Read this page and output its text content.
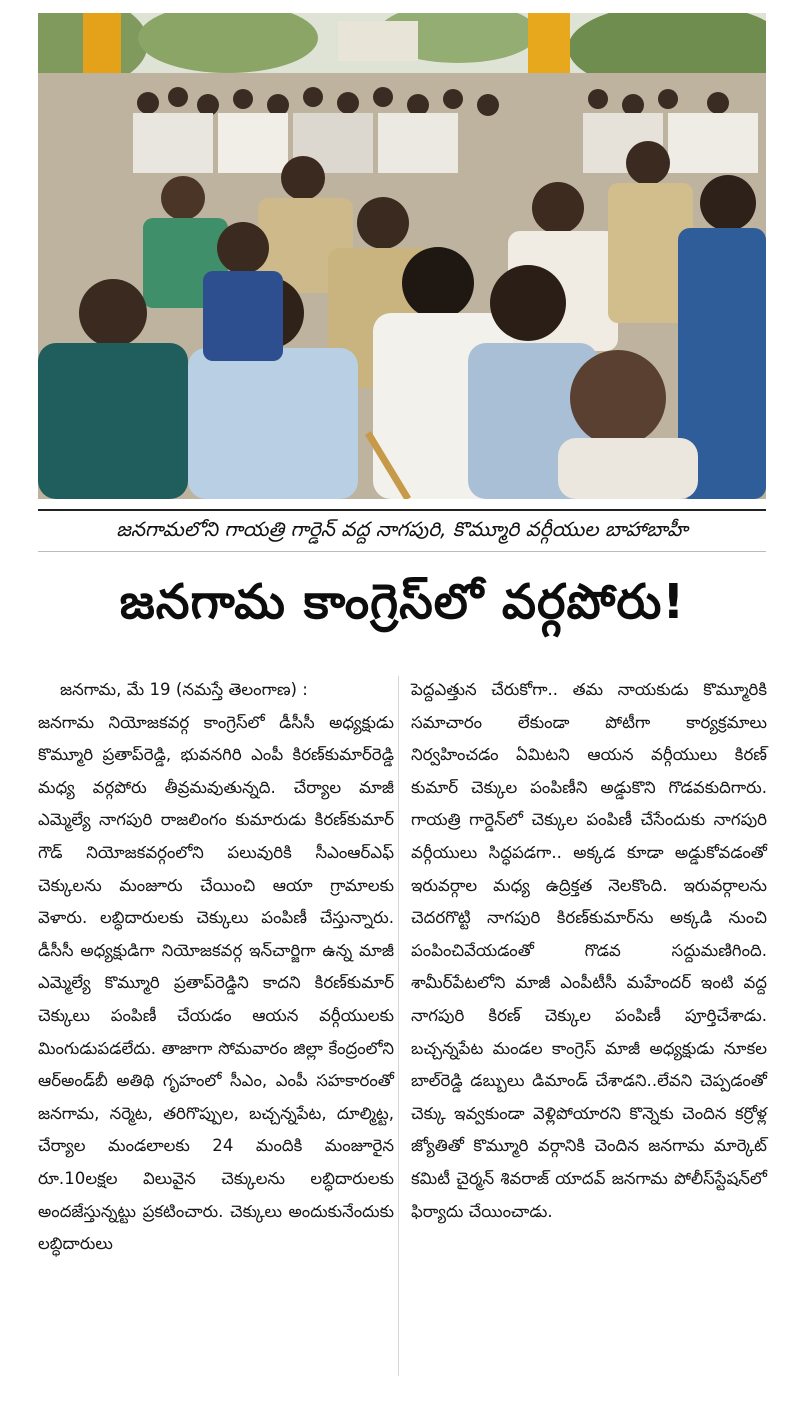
జనగామలోని గాయత్రి గార్డెన్ వద్ద నాగపురి, కొమ్మూరి వర్గీయుల బాహాబాహీ
జనగామ కాంగ్రెస్‌లో వర్గపోరు!

జనగామ, మే 19 (నమస్తే తెలంగాణ) :

జనగామ నియోజకవర్గ కాంగ్రెస్‌లో డీసీసీ అధ్యక్షుడు కొమ్మూరి ప్రతాప్‌రెడ్డి, భువనగిరి ఎంపీ కిరణ్‌కుమార్‌రెడ్డి మధ్య వర్గపోరు తీవ్రమవుతున్నది. చేర్యాల మాజీ ఎమ్మెల్యే నాగపురి రాజలింగం కుమారుడు కిరణ్‌కుమార్ గౌడ్ నియోజకవర్గంలోని పలువురికి సీఎంఆర్‌ఎఫ్ చెక్కులను మంజూరు చేయించి ఆయా గ్రామాలకు వెళారు. లబ్ధిదారులకు చెక్కులు పంపిణీ చేస్తున్నారు. డీసీసీ అధ్యక్షుడిగా నియోజకవర్గ ఇన్‌చార్జిగా ఉన్న మాజీ ఎమ్మెల్యే కొమ్మూరి ప్రతాప్‌రెడ్డిని కాదని కిరణ్‌కుమార్ చెక్కులు పంపిణీ చేయడం ఆయన వర్గీయులకు మింగుడుపడలేదు. తాజాగా సోమవారం జిల్లా కేంద్రంలోని ఆర్‌అండ్‌బీ అతిథి గృహంలో సీఎం, ఎంపీ సహకారంతో జనగామ, నర్మెట, తరిగొప్పుల, బచ్చన్నపేట, దూల్మిట్ట, చేర్యాల మండలాలకు 24 మందికి మంజూరైన రూ.10లక్షల విలువైన చెక్కులను లబ్ధిదారులకు అందజేస్తున్నట్టు ప్రకటించారు. చెక్కులు అందుకునేందుకు లబ్ధిదారులు

పెద్దఎత్తున చేరుకోగా.. తమ నాయకుడు కొమ్మూరికి సమాచారం లేకుండా పోటీగా కార్యక్రమాలు నిర్వహించడం ఏమిటని ఆయన వర్గీయులు కిరణ్ కుమార్ చెక్కుల పంపిణీని అడ్డుకొని గొడవకుదిగారు. గాయత్రి గార్డెన్‌లో చెక్కుల పంపిణీ చేసేందుకు నాగపురి వర్గీయులు సిద్ధపడగా.. అక్కడ కూడా అడ్డుకోవడంతో ఇరువర్గాల మధ్య ఉద్రిక్తత నెలకొంది. ఇరువర్గాలను చెదరగొట్టి నాగపురి కిరణ్‌కుమార్‌ను అక్కడి నుంచి పంపించివేయడంతో గొడవ సద్దుమణిగింది. శామీర్‌పేటలోని మాజీ ఎంపీటీసీ మహేందర్ ఇంటి వద్ద నాగపురి కిరణ్ చెక్కుల పంపిణీ పూర్తిచేశాడు. బచ్చన్నపేట మండల కాంగ్రెస్ మాజీ అధ్యక్షుడు నూకల బాల్‌రెడ్డి డబ్బులు డిమాండ్ చేశాడని..లేవని చెప్పడంతో చెక్కు ఇవ్వకుండా వెళ్లిపోయారని కొన్నెకు చెందిన కర్రోళ్ల జ్యోతితో కొమ్మూరి వర్గానికి చెందిన జనగామ మార్కెట్ కమిటీ చైర్మన్ శివరాజ్ యాదవ్ జనగామ పోలీస్‌స్టేషన్‌లో ఫిర్యాదు చేయించాడు.
